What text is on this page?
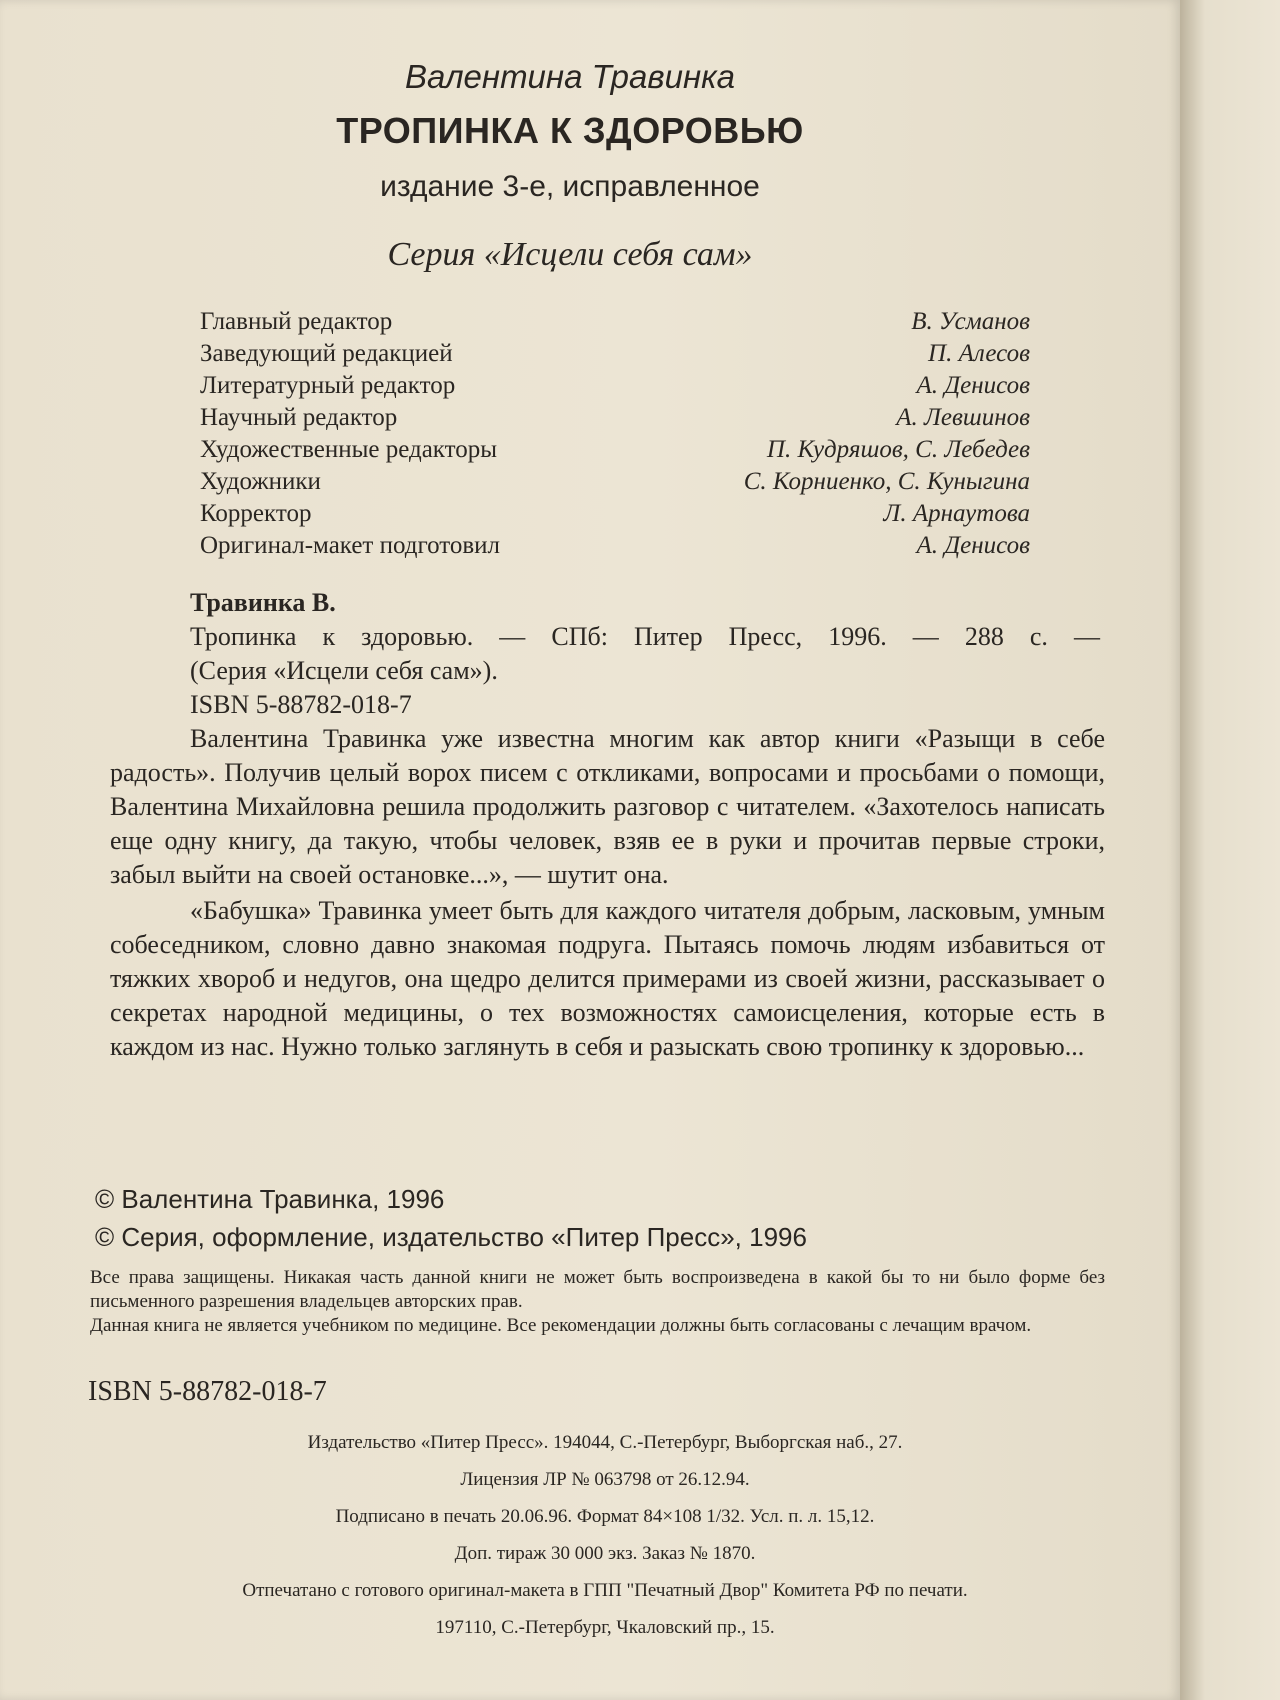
Валентина Травинка
ТРОПИНКА К ЗДОРОВЬЮ
издание 3-е, исправленное
Серия «Исцели себя сам»
Главный редактор	В. Усманов
Заведующий редакцией	П. Алесов
Литературный редактор	А. Денисов
Научный редактор	А. Левшинов
Художественные редакторы	П. Кудряшов, С. Лебедев
Художники	С. Корниенко, С. Куныгина
Корректор	Л. Арнаутова
Оригинал-макет подготовил	А. Денисов
Травинка В.
Тропинка к здоровью. — СПб: Питер Пресс, 1996. — 288 с. —
(Серия «Исцели себя сам»).
ISBN 5-88782-018-7

Валентина Травинка уже известна многим как автор книги «Разыщи в себе радость». Получив целый ворох писем с откликами, вопросами и просьбами о помощи, Валентина Михайловна решила продолжить разговор с читателем. «Захотелось написать еще одну книгу, да такую, чтобы человек, взяв ее в руки и прочитав первые строки, забыл выйти на своей остановке...», — шутит она.

«Бабушка» Травинка умеет быть для каждого читателя добрым, ласковым, умным собеседником, словно давно знакомая подруга. Пытаясь помочь людям избавиться от тяжких хвороб и недугов, она щедро делится примерами из своей жизни, рассказывает о секретах народной медицины, о тех возможностях самоисцеления, которые есть в каждом из нас. Нужно только заглянуть в себя и разыскать свою тропинку к здоровью...

© Валентина Травинка, 1996
© Серия, оформление, издательство «Питер Пресс», 1996
Все права защищены. Никакая часть данной книги не может быть воспроизведена в какой бы то ни было форме без письменного разрешения владельцев авторских прав.
Данная книга не является учебником по медицине. Все рекомендации должны быть согласованы с лечащим врачом.
ISBN 5-88782-018-7
Издательство «Питер Пресс». 194044, С.-Петербург, Выборгская наб., 27.
Лицензия ЛР № 063798 от 26.12.94.
Подписано в печать 20.06.96. Формат 84×108 1/32. Усл. п. л. 15,12.
Доп. тираж 30 000 экз. Заказ № 1870.
Отпечатано с готового оригинал-макета в ГПП "Печатный Двор" Комитета РФ по печати.
197110, С.-Петербург, Чкаловский пр., 15.
